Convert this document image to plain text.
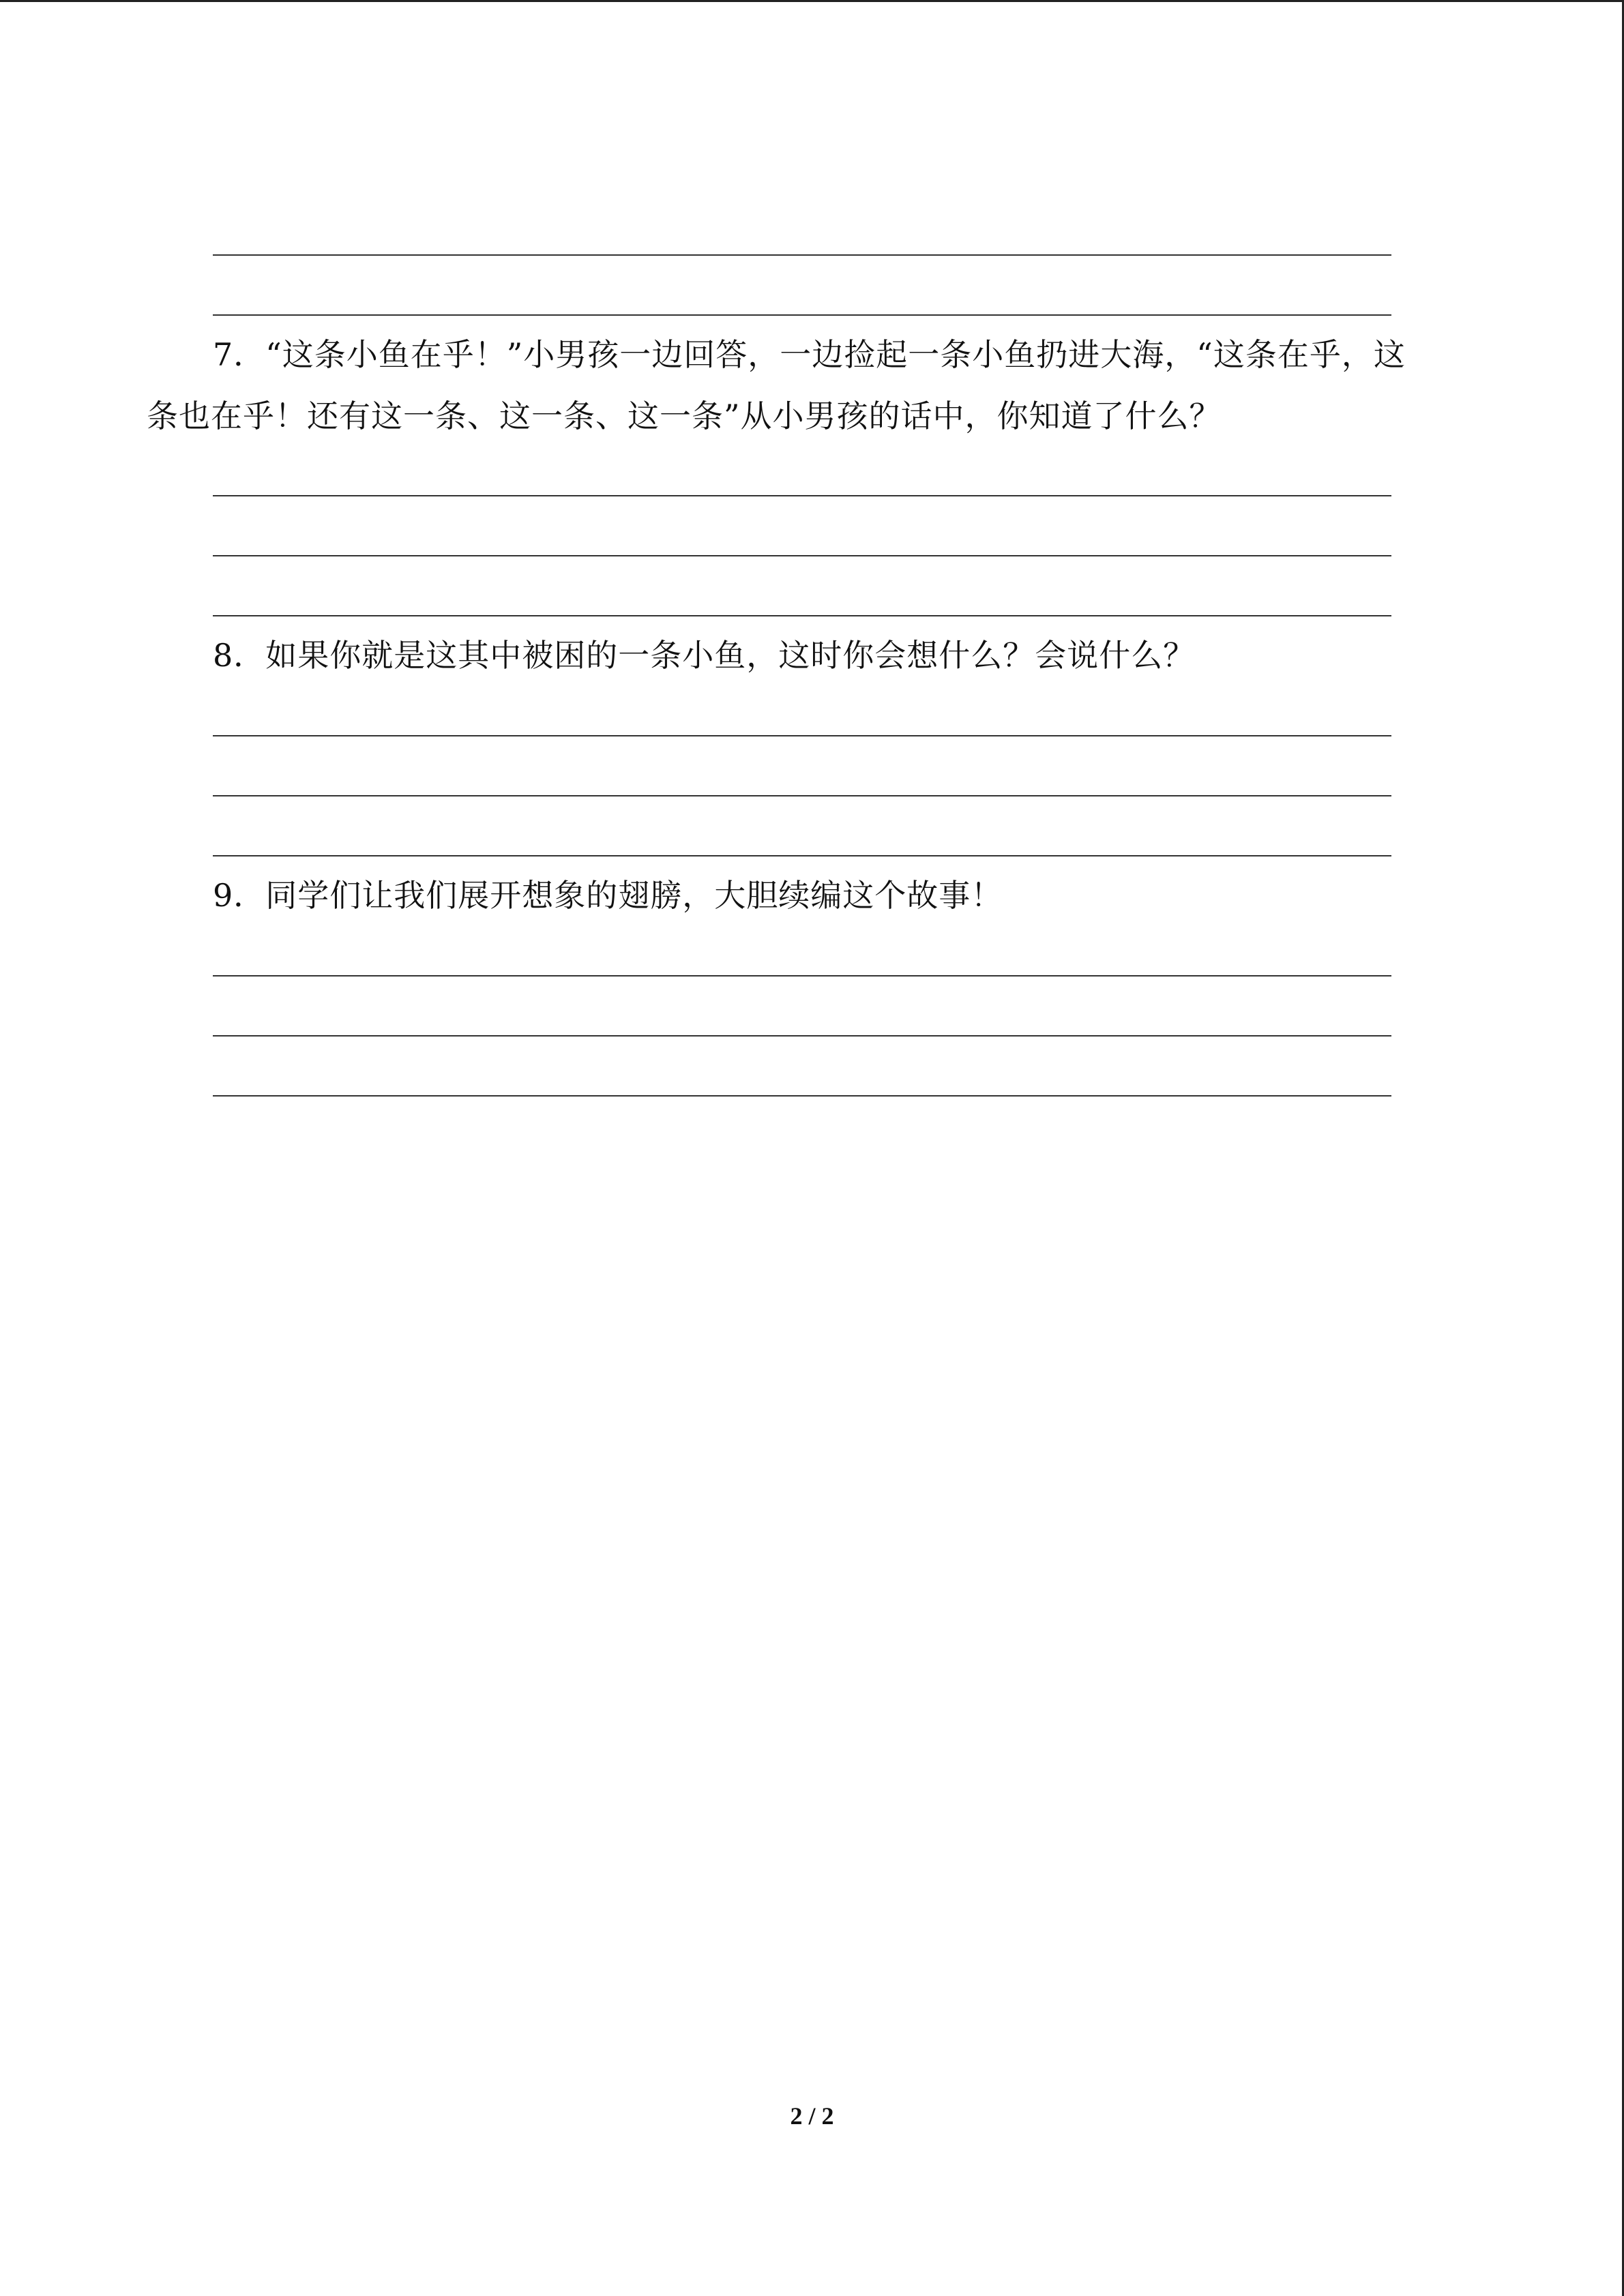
7．“这条小鱼在乎！”小男孩一边回答，一边捡起一条小鱼扔进大海，“这条在乎，这
条也在乎！还有这一条、这一条、这一条”从小男孩的话中，你知道了什么？
8．如果你就是这其中被困的一条小鱼，这时你会想什么？会说什么？
9．同学们让我们展开想象的翅膀，大胆续编这个故事！
2 / 2
